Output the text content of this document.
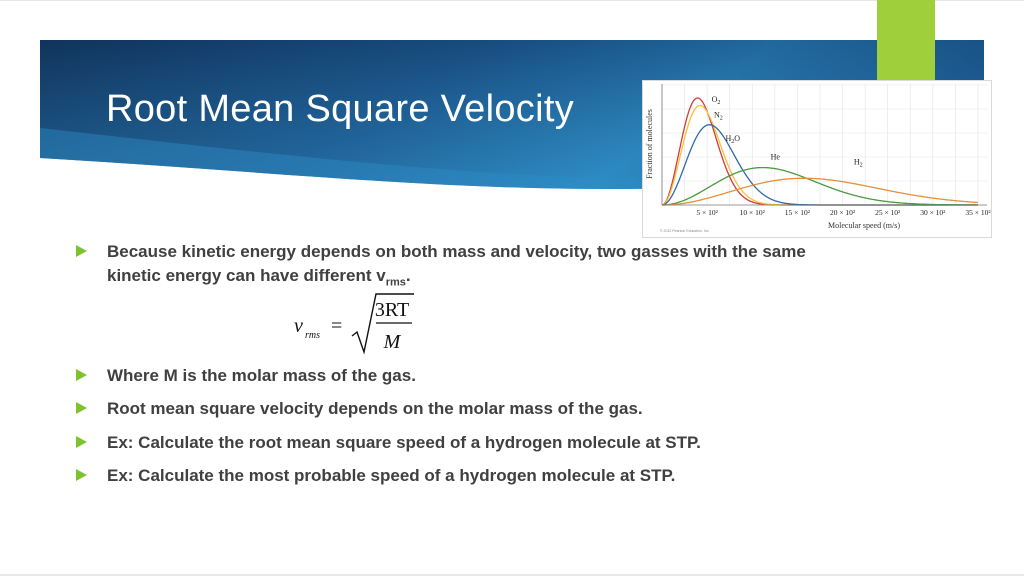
Root Mean Square Velocity
5 × 10²	10 × 10²	15 × 10²	20 × 10²	25 × 10²	30 × 10²	35 × 10²
$O_2$
$N_2$
$H_2O$
He
$H_2$
Fraction of molecules
Molecular speed (m/s)
© 2012 Pearson Education, Inc.
Because kinetic energy depends on both mass and velocity, two gasses with the same
kinetic energy can have different $v_{rms}$.
Where M is the molar mass of the gas.
Root mean square velocity depends on the molar mass of the gas.
Ex: Calculate the root mean square speed of a hydrogen molecule at STP.
Ex: Calculate the most probable speed of a hydrogen molecule at STP.
v rms =
3RT
M
